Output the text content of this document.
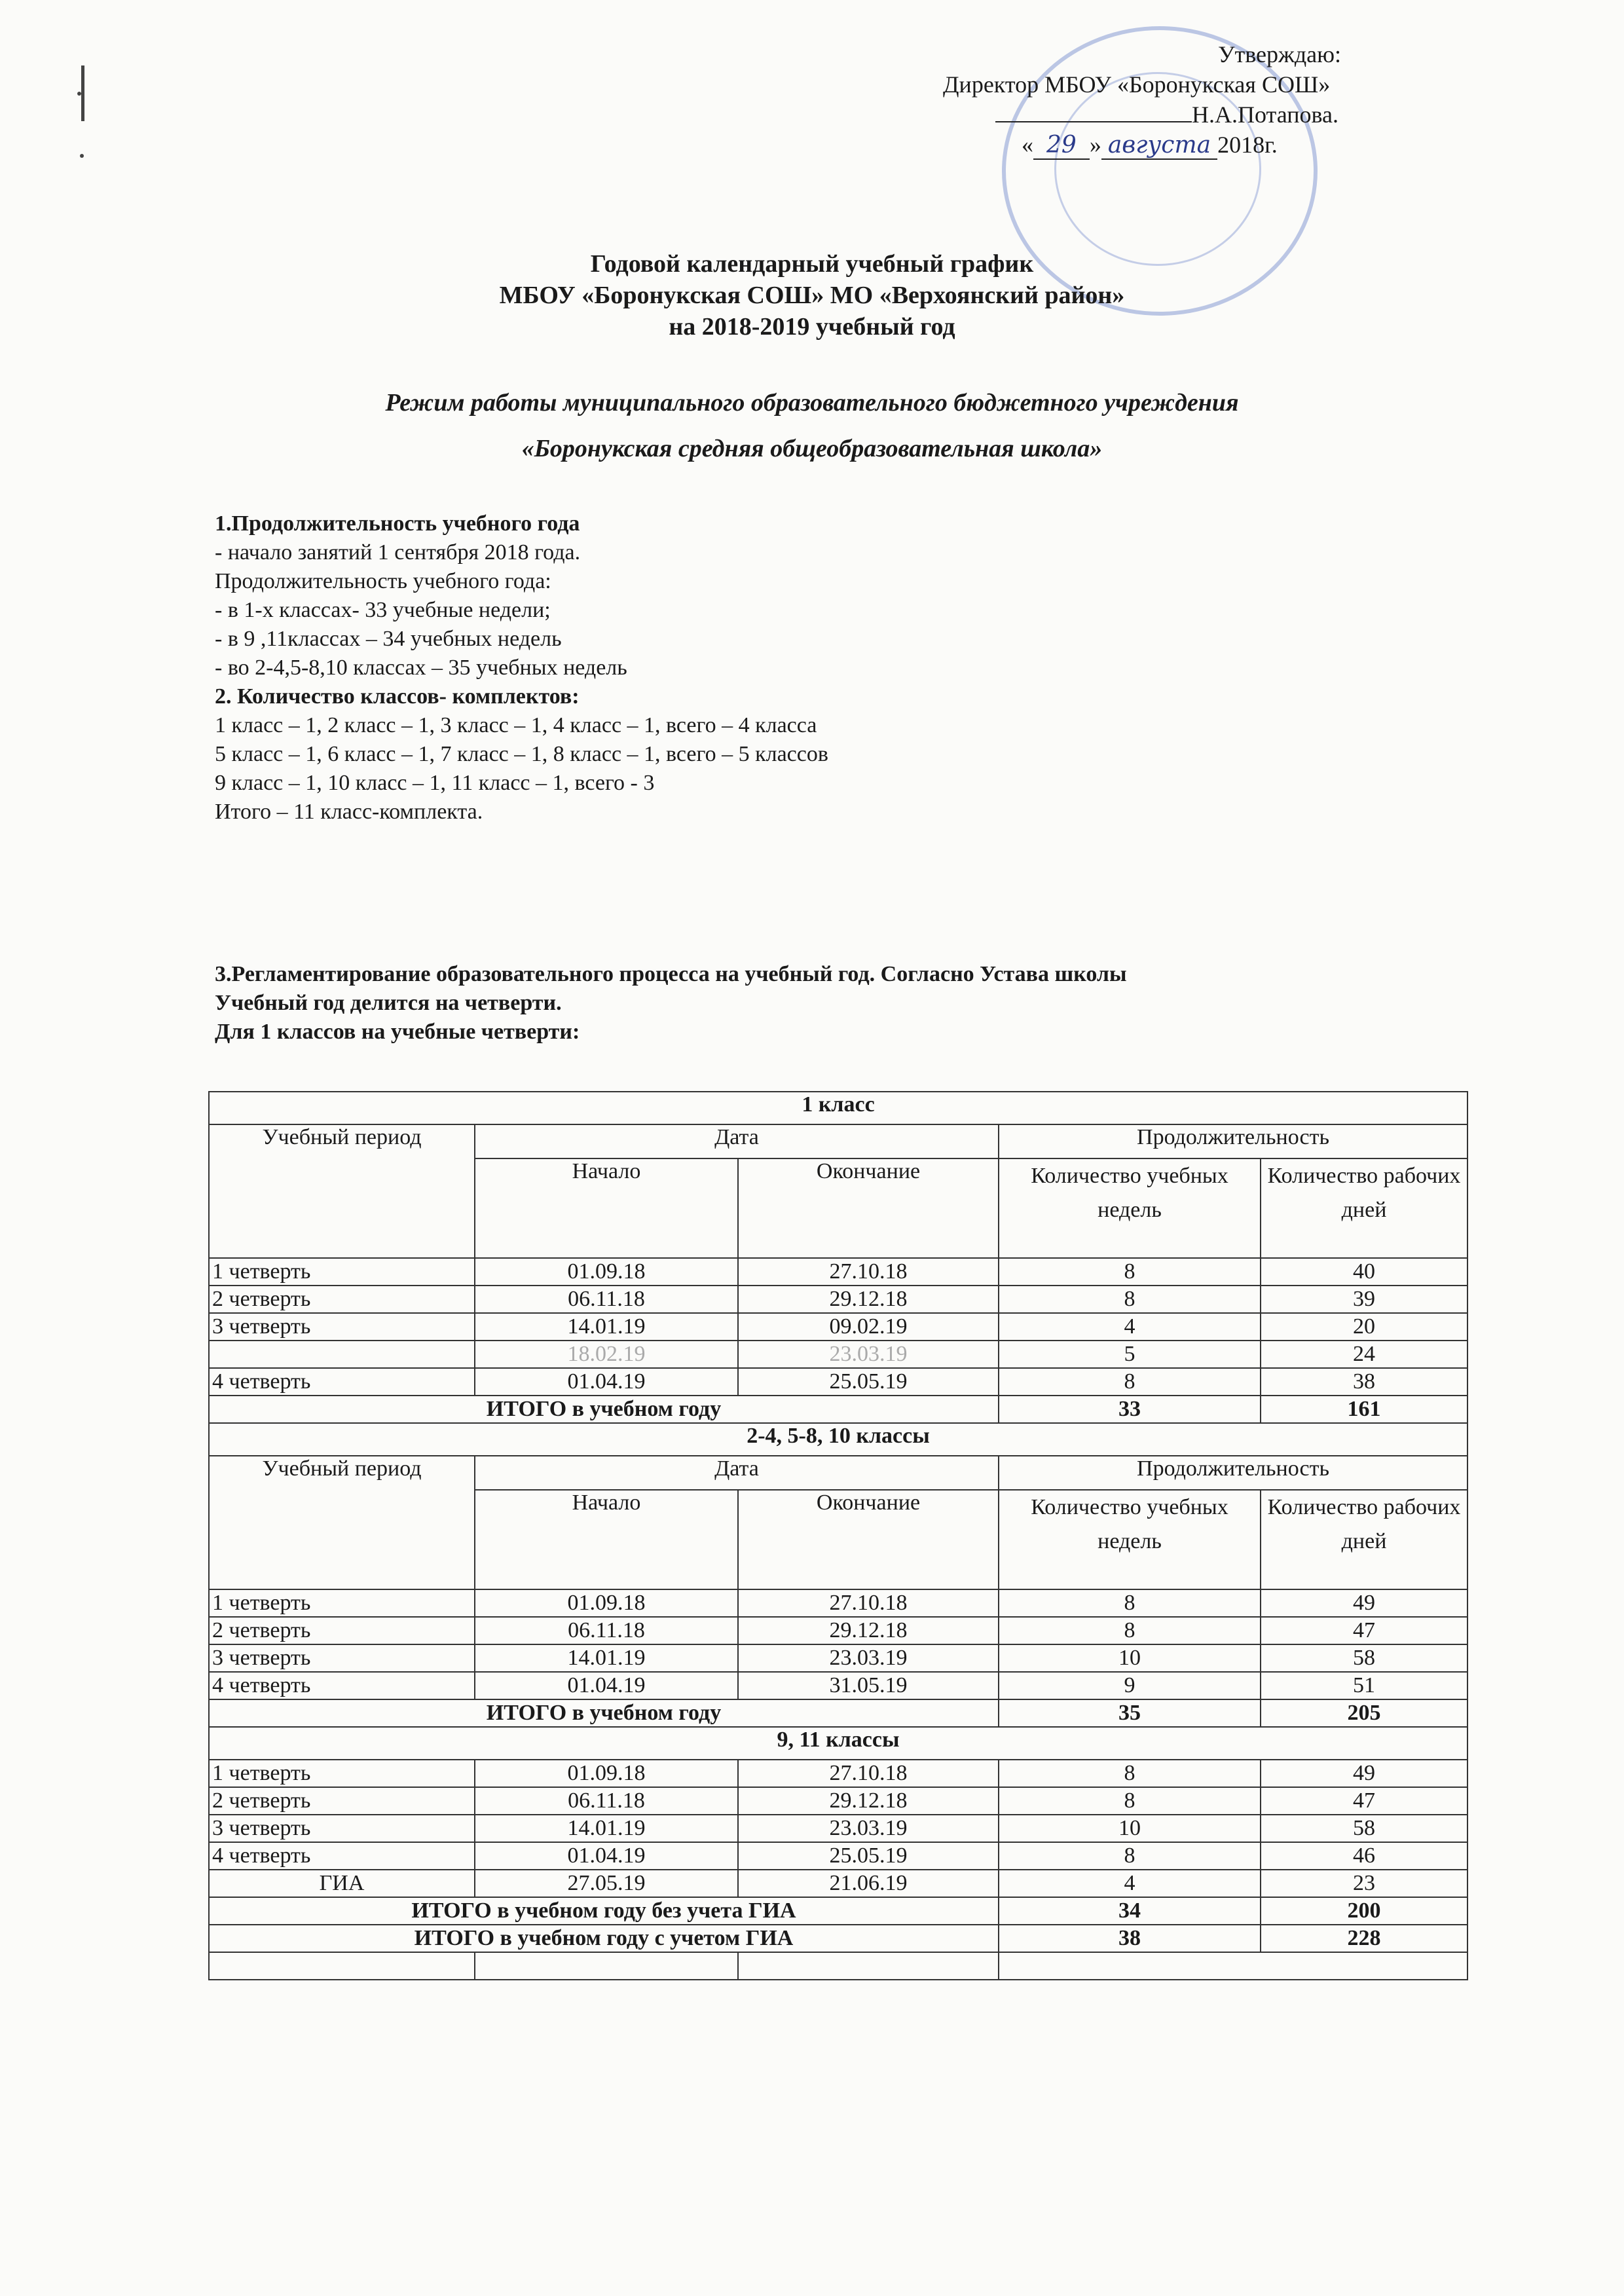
Утверждаю:
Директор МБОУ «Боронукская СОШ»
Н.А.Потапова.
« 29 » августа 2018г.
Годовой календарный учебный график
МБОУ «Боронукская СОШ» МО «Верхоянский район»
на 2018-2019 учебный год
Режим работы муниципального образовательного бюджетного учреждения
«Боронукская средняя общеобразовательная школа»
1.Продолжительность учебного года
- начало занятий 1 сентября 2018 года.
Продолжительность учебного года:
- в 1-х классах- 33 учебные недели;
- в 9 ,11классах – 34 учебных недель
- во 2-4,5-8,10 классах – 35 учебных недель
2. Количество классов- комплектов:
1 класс – 1, 2 класс – 1, 3 класс – 1, 4 класс – 1, всего – 4 класса
5 класс – 1, 6 класс – 1, 7 класс – 1, 8 класс – 1, всего – 5 классов
9 класс – 1, 10 класс – 1, 11 класс – 1, всего - 3
Итого – 11 класс-комплекта.
3.Регламентирование образовательного процесса на учебный год. Согласно Устава школы
Учебный год делится на четверти.
Для 1 классов на учебные четверти:
1 класс				
Учебный период	Дата		Продолжительность	
	Начало	Окончание	Количество учебных недель	Количество рабочих дней
1 четверть	01.09.18	27.10.18	8	40
2 четверть	06.11.18	29.12.18	8	39
3 четверть	14.01.19	09.02.19	4	20
	18.02.19	23.03.19	5	24
4 четверть	01.04.19	25.05.19	8	38
ИТОГО в учебном году			33	161
2-4, 5-8, 10 классы				
Учебный период	Дата		Продолжительность	
	Начало	Окончание	Количество учебных недель	Количество рабочих дней
1 четверть	01.09.18	27.10.18	8	49
2 четверть	06.11.18	29.12.18	8	47
3 четверть	14.01.19	23.03.19	10	58
4 четверть	01.04.19	31.05.19	9	51
ИТОГО в учебном году			35	205
9, 11 классы				
1 четверть	01.09.18	27.10.18	8	49
2 четверть	06.11.18	29.12.18	8	47
3 четверть	14.01.19	23.03.19	10	58
4 четверть	01.04.19	25.05.19	8	46
ГИА	27.05.19	21.06.19	4	23
ИТОГО в учебном году без учета ГИА			34	200
ИТОГО в учебном году с учетом ГИА			38	228
